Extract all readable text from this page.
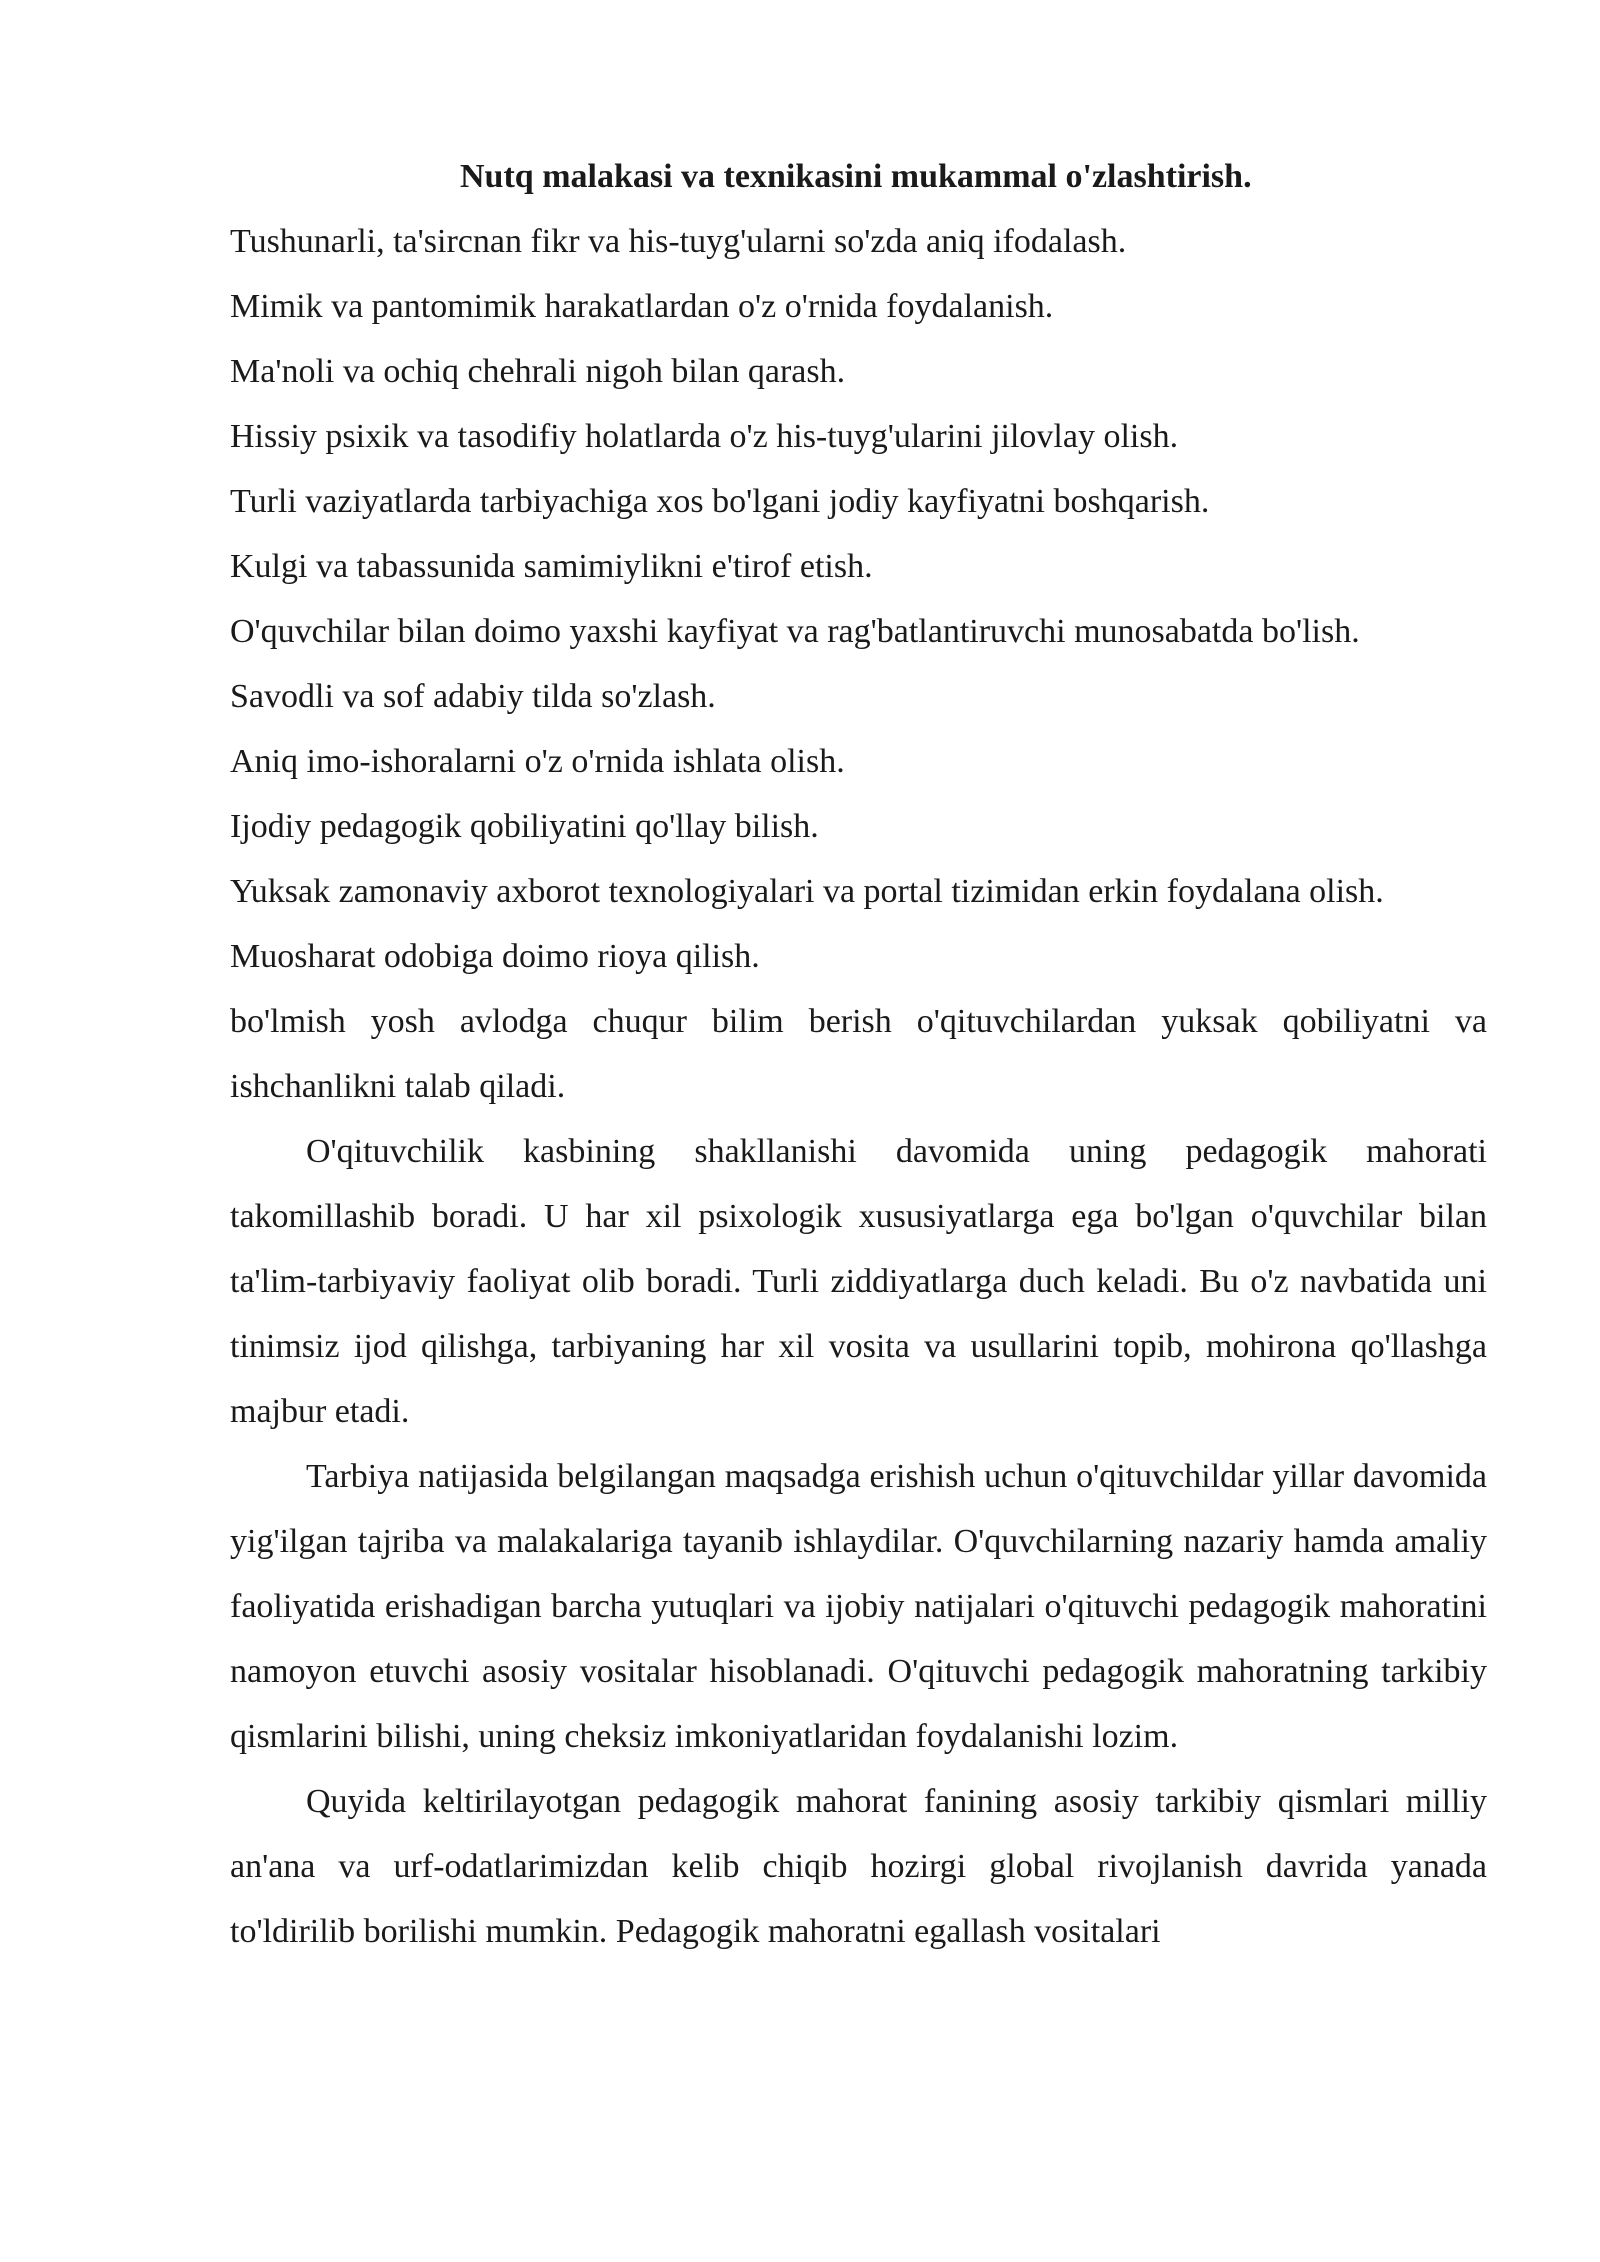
Nutq malakasi va texnikasini mukammal o'zlashtirish.
Tushunarli, ta'sircnan fikr va his-tuyg'ularni so'zda aniq ifodalash.
Mimik va pantomimik harakatlardan o'z o'rnida foydalanish.
Ma'noli va ochiq chehrali nigoh bilan qarash.
Hissiy psixik va tasodifiy holatlarda o'z his-tuyg'ularini jilovlay olish.
Turli vaziyatlarda tarbiyachiga xos bo'lgani jodiy kayfiyatni boshqarish.
Kulgi va tabassunida samimiylikni e'tirof etish.
O'quvchilar bilan doimo yaxshi kayfiyat va rag'batlantiruvchi munosabatda bo'lish.
Savodli va sof adabiy tilda so'zlash.
Aniq imo-ishoralarni o'z o'rnida ishlata olish.
Ijodiy pedagogik qobiliyatini qo'llay bilish.
Yuksak zamonaviy axborot texnologiyalari va portal tizimidan erkin foydalana olish.
Muosharat odobiga doimo rioya qilish.
bo'lmish yosh avlodga chuqur bilim berish o'qituvchilardan yuksak qobiliyatni va ishchanlikni talab qiladi.

O'qituvchilik kasbining shakllanishi davomida uning pedagogik mahorati takomillashib boradi. U har xil psixologik xususiyatlarga ega bo'lgan o'quvchilar bilan ta'lim-tarbiyaviy faoliyat olib boradi. Turli ziddiyatlarga duch keladi. Bu o'z navbatida uni tinimsiz ijod qilishga, tarbiyaning har xil vosita va usullarini topib, mohirona qo'llashga majbur etadi.

Tarbiya natijasida belgilangan maqsadga erishish uchun o'qituvchildar yillar davomida yig'ilgan tajriba va malakalariga tayanib ishlaydilar. O'quvchilarning nazariy hamda amaliy faoliyatida erishadigan barcha yutuqlari va ijobiy natijalari o'qituvchi pedagogik mahoratini namoyon etuvchi asosiy vositalar hisoblanadi. O'qituvchi pedagogik mahoratning tarkibiy qismlarini bilishi, uning cheksiz imkoniyatlaridan foydalanishi lozim.

Quyida keltirilayotgan pedagogik mahorat fanining asosiy tarkibiy qismlari milliy an'ana va urf-odatlarimizdan kelib chiqib hozirgi global rivojlanish davrida yanada to'ldirilib borilishi mumkin. Pedagogik mahoratni egallash vositalari
